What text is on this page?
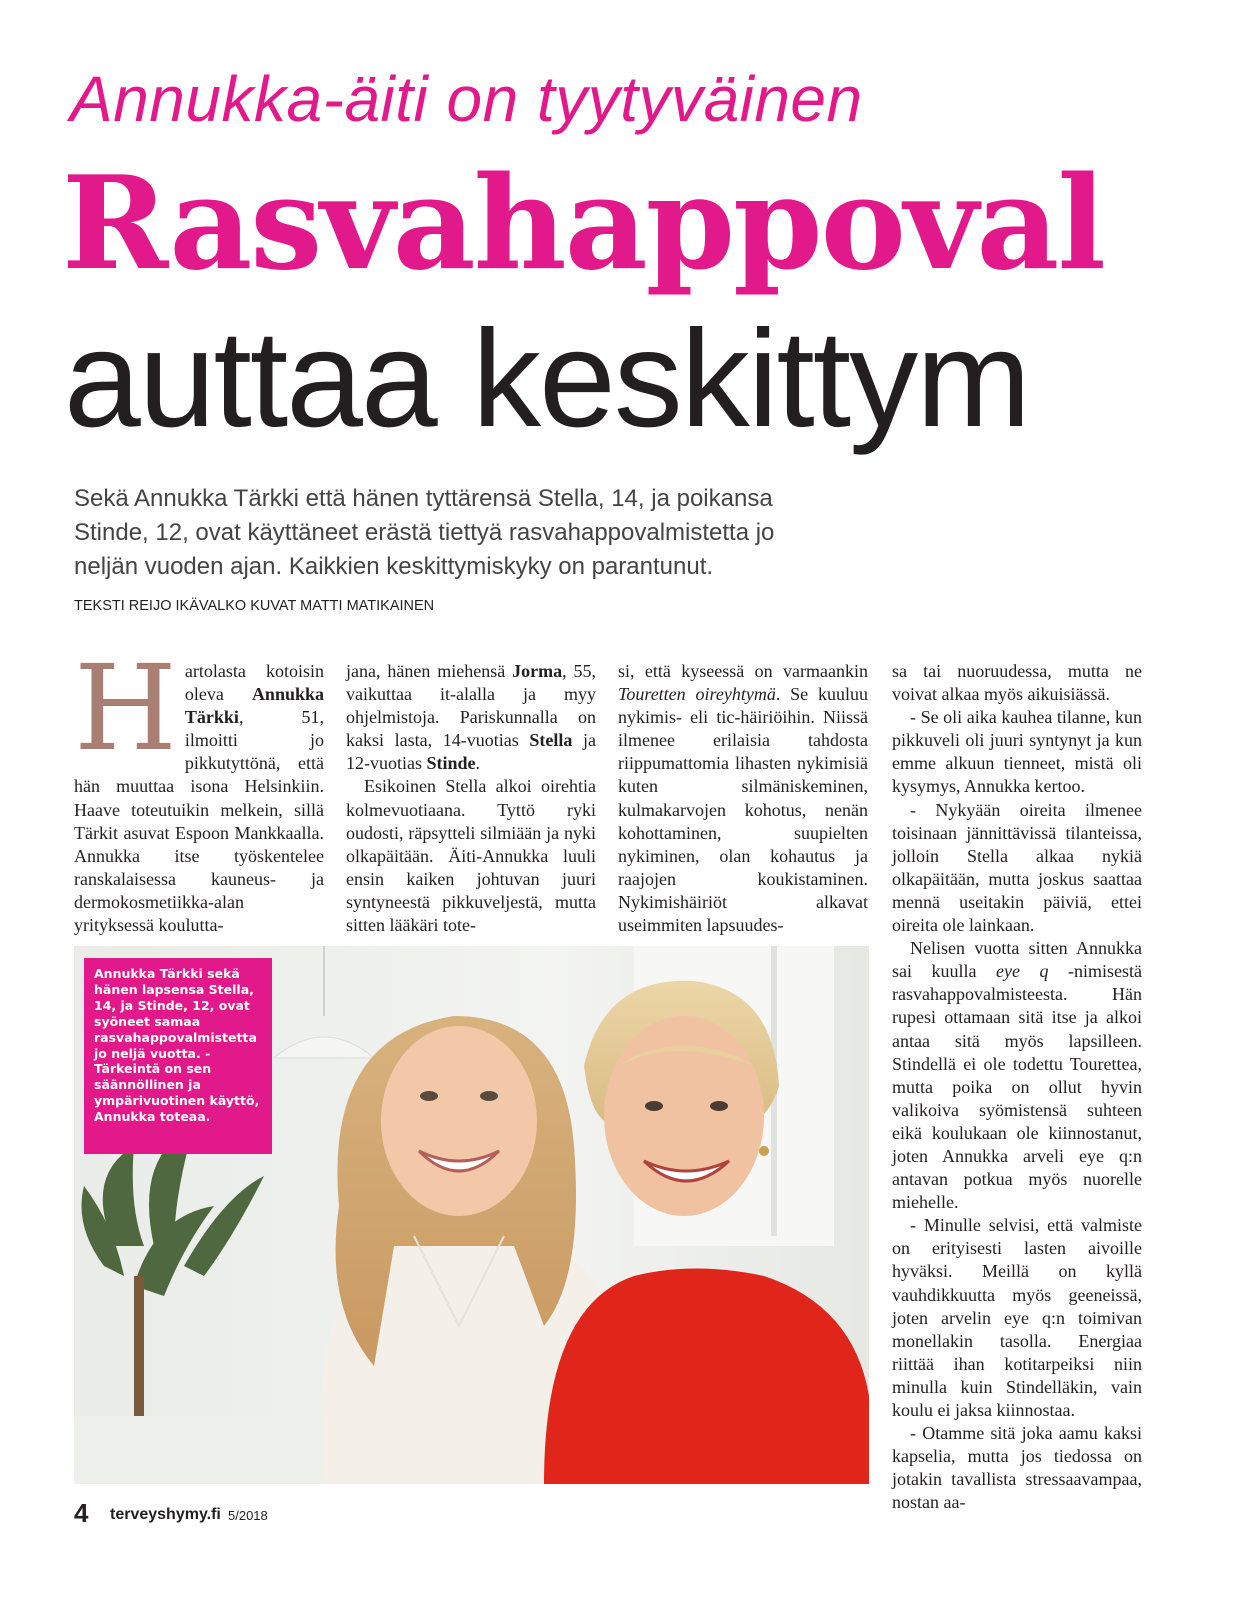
Annukka-äiti on tyytyväinen
Rasvahappoval
auttaa keskittym
Sekä Annukka Tärkki että hänen tyttärensä Stella, 14, ja poikansa Stinde, 12, ovat käyttäneet erästä tiettyä rasvahappovalmistetta jo neljän vuoden ajan. Kaikkien keskittymiskyky on parantunut.
TEKSTI REIJO IKÄVALKO KUVAT MATTI MATIKAINEN

Hartolasta kotoisin oleva Annukka Tärkki, 51, ilmoitti jo pikkutyttönä, että hän muuttaa isona Helsinkiin. Haave toteutuikin melkein, sillä Tärkit asuvat Espoon Mankkaalla. Annukka itse työskentelee ranskalaisessa kauneus- ja dermokosmetiikka-alan yrityksessä koulutta-

jana, hänen miehensä Jorma, 55, vaikuttaa it-alalla ja myy ohjelmistoja. Pariskunnalla on kaksi lasta, 14-vuotias Stella ja 12-vuotias Stinde.

Esikoinen Stella alkoi oirehtia kolmevuotiaana. Tyttö ryki oudosti, räpsytteli silmiään ja nyki olkapäitään. Äiti-Annukka luuli ensin kaiken johtuvan juuri syntyneestä pikkuveljestä, mutta sitten lääkäri tote-

si, että kyseessä on varmaankin Touretten oireyhtymä. Se kuuluu nykimis- eli tic-häiriöihin. Niissä ilmenee erilaisia tahdosta riippumattomia lihasten nykimisiä kuten silmäniskeminen, kulmakarvojen kohotus, nenän kohottaminen, suupielten nykiminen, olan kohautus ja raajojen koukistaminen. Nykimishäiriöt alkavat useimmiten lapsuudes-

sa tai nuoruudessa, mutta ne voivat alkaa myös aikuisiässä.

- Se oli aika kauhea tilanne, kun pikkuveli oli juuri syntynyt ja kun emme alkuun tienneet, mistä oli kysymys, Annukka kertoo.

- Nykyään oireita ilmenee toisinaan jännittävissä tilanteissa, jolloin Stella alkaa nykiä olkapäitään, mutta joskus saattaa mennä useitakin päiviä, ettei oireita ole lainkaan.

Nelisen vuotta sitten Annukka sai kuulla eye q -nimisestä rasvahappovalmisteesta. Hän rupesi ottamaan sitä itse ja alkoi antaa sitä myös lapsilleen. Stindellä ei ole todettu Tourettea, mutta poika on ollut hyvin valikoiva syömistensä suhteen eikä koulukaan ole kiinnostanut, joten Annukka arveli eye q:n antavan potkua myös nuorelle miehelle.

- Minulle selvisi, että valmiste on erityisesti lasten aivoille hyväksi. Meillä on kyllä vauhdikkuutta myös geeneissä, joten arvelin eye q:n toimivan monellakin tasolla. Energiaa riittää ihan kotitarpeiksi niin minulla kuin Stindelläkin, vain koulu ei jaksa kiinnostaa.

- Otamme sitä joka aamu kaksi kapselia, mutta jos tiedossa on jotakin tavallista stressaavampaa, nostan aa-

Annukka Tärkki sekä hänen lapsensa Stella, 14, ja Stinde, 12, ovat syöneet samaa rasvahappovalmistetta jo neljä vuotta. - Tärkeintä on sen säännöllinen ja ympärivuotinen käyttö, Annukka toteaa.
4 terveyshymy.fi 5/2018
